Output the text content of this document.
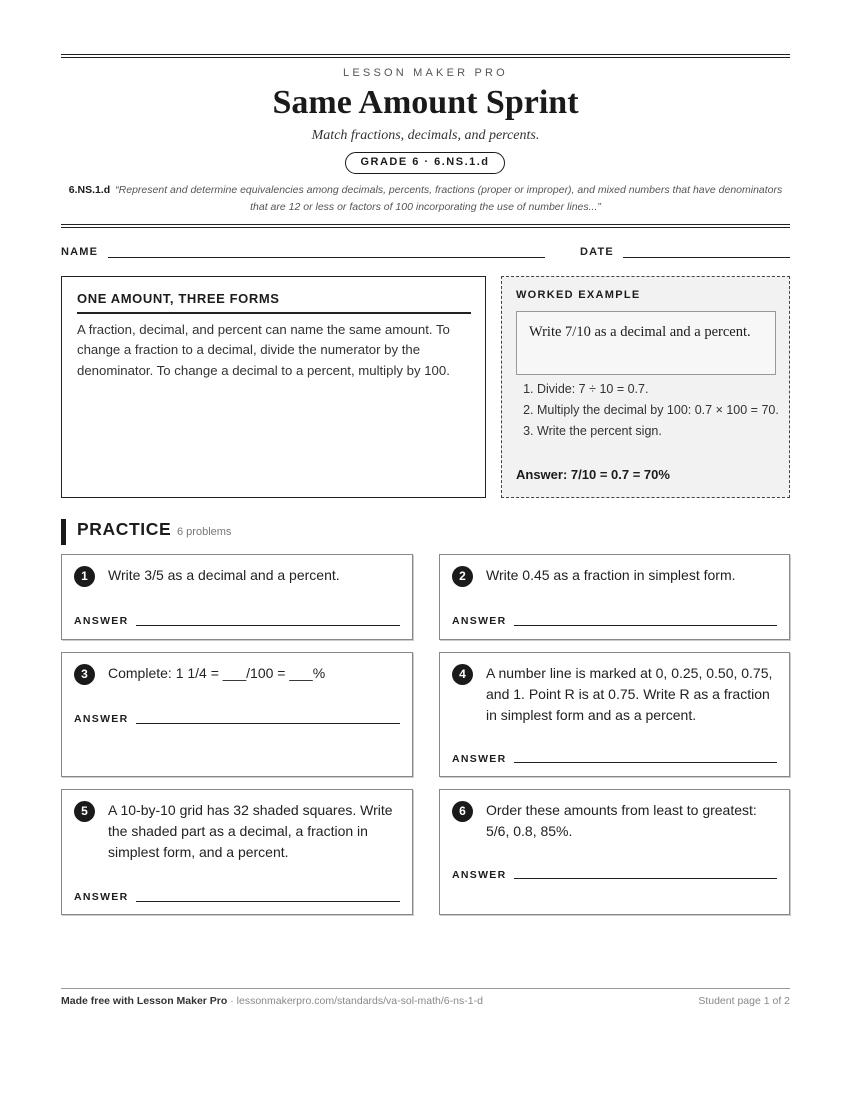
LESSON MAKER PRO
Same Amount Sprint
Match fractions, decimals, and percents.
GRADE 6 · 6.NS.1.d
6.NS.1.d “Represent and determine equivalencies among decimals, percents, fractions (proper or improper), and mixed numbers that have denominators that are 12 or less or factors of 100 incorporating the use of number lines...”
NAME	DATE
ONE AMOUNT, THREE FORMS

A fraction, decimal, and percent can name the same amount. To change a fraction to a decimal, divide the numerator by the denominator. To change a decimal to a percent, multiply by 100.

WORKED EXAMPLE
Write 7/10 as a decimal and a percent.
1. Divide: 7 ÷ 10 = 0.7.
2. Multiply the decimal by 100: 0.7 × 100 = 70.
3. Write the percent sign.
Answer: 7/10 = 0.7 = 70%
PRACTICE 6 problems
1	Write 3/5 as a decimal and a percent.
ANSWER
2	Write 0.45 as a fraction in simplest form.
ANSWER
3	Complete: 1 1/4 = ___/100 = ___%
ANSWER
4	A number line is marked at 0, 0.25, 0.50, 0.75, and 1. Point R is at 0.75. Write R as a fraction in simplest form and as a percent.
ANSWER
5	A 10-by-10 grid has 32 shaded squares. Write the shaded part as a decimal, a fraction in simplest form, and a percent.
ANSWER
6	Order these amounts from least to greatest: 5/6, 0.8, 85%.
ANSWER
Made free with Lesson Maker Pro · lessonmakerpro.com/standards/va-sol-math/6-ns-1-d	Student page 1 of 2
